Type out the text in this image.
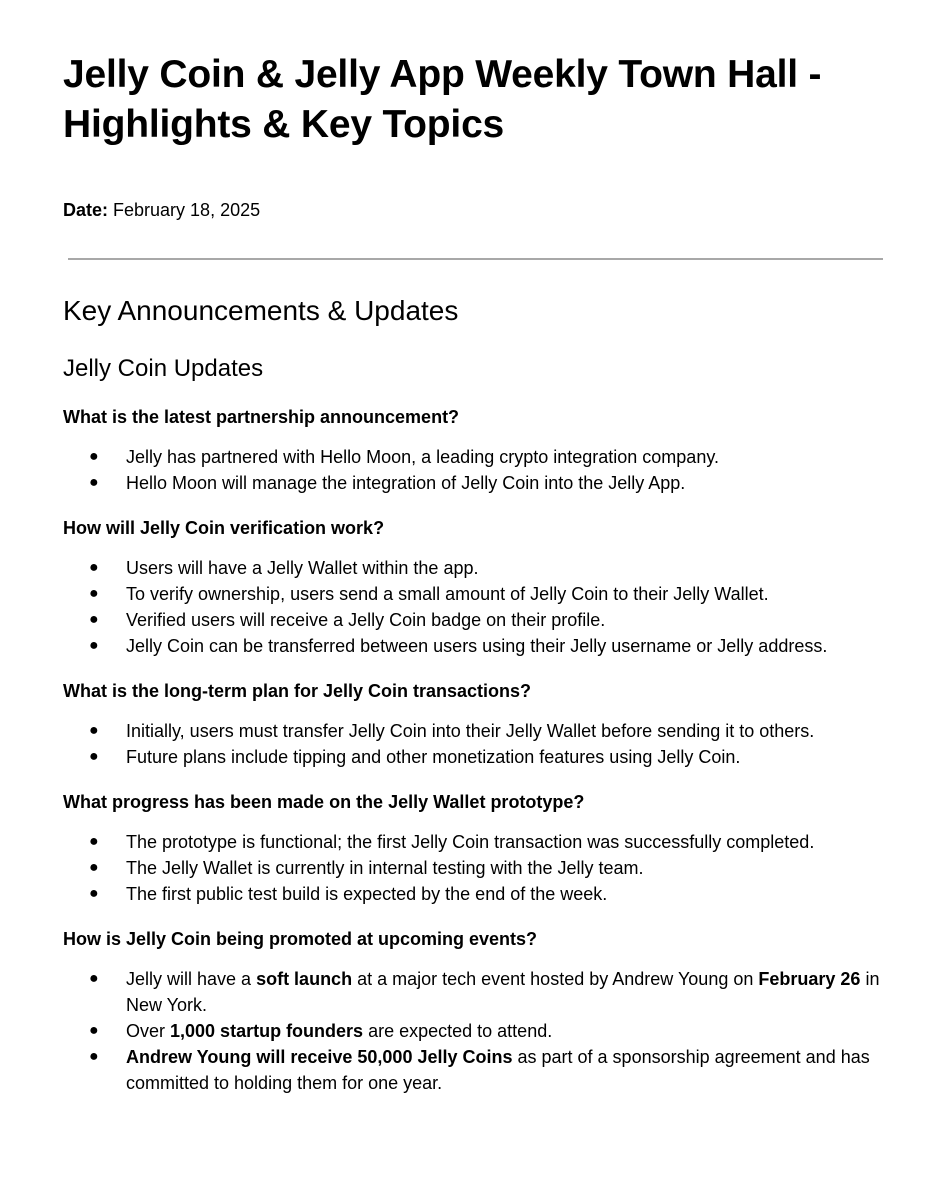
Jelly Coin & Jelly App Weekly Town Hall - Highlights & Key Topics
Date: February 18, 2025
Key Announcements & Updates
Jelly Coin Updates

What is the latest partnership announcement?

● Jelly has partnered with Hello Moon, a leading crypto integration company.
● Hello Moon will manage the integration of Jelly Coin into the Jelly App.

How will Jelly Coin verification work?

● Users will have a Jelly Wallet within the app.
● To verify ownership, users send a small amount of Jelly Coin to their Jelly Wallet.
● Verified users will receive a Jelly Coin badge on their profile.
● Jelly Coin can be transferred between users using their Jelly username or Jelly address.

What is the long-term plan for Jelly Coin transactions?

● Initially, users must transfer Jelly Coin into their Jelly Wallet before sending it to others.
● Future plans include tipping and other monetization features using Jelly Coin.

What progress has been made on the Jelly Wallet prototype?

● The prototype is functional; the first Jelly Coin transaction was successfully completed.
● The Jelly Wallet is currently in internal testing with the Jelly team.
● The first public test build is expected by the end of the week.

How is Jelly Coin being promoted at upcoming events?

● Jelly will have a soft launch at a major tech event hosted by Andrew Young on February 26 in New York.
● Over 1,000 startup founders are expected to attend.
● Andrew Young will receive 50,000 Jelly Coins as part of a sponsorship agreement and has committed to holding them for one year.
